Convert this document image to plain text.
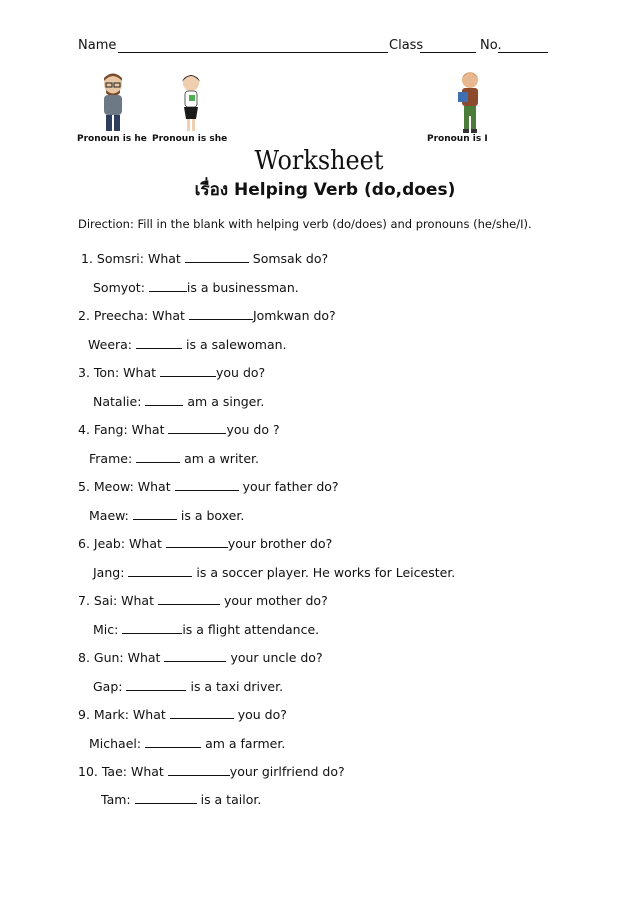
Name	Class	No.
Pronoun is he Pronoun is she	Pronoun is I
Worksheet
เรื่อง Helping Verb (do,does)
Direction: Fill in the blank with helping verb (do/does) and pronouns (he/she/I).
1. Somsri: What	Somsak do?
Somyot:	is a businessman.
2. Preecha: What	Jomkwan do?
Weera:	is a salewoman.
3. Ton: What	you do?
Natalie:	am a singer.
4. Fang: What	you do ?
Frame:	am a writer.
5. Meow: What	your father do?
Maew:	is a boxer.
6. Jeab: What	your brother do?
Jang:	is a soccer player. He works for Leicester.
7. Sai: What	your mother do?
Mic:	is a flight attendance.
8. Gun: What	your uncle do?
Gap:	is a taxi driver.
9. Mark: What	you do?
Michael:	am a farmer.
10. Tae: What	your girlfriend do?
Tam:	is a tailor.
